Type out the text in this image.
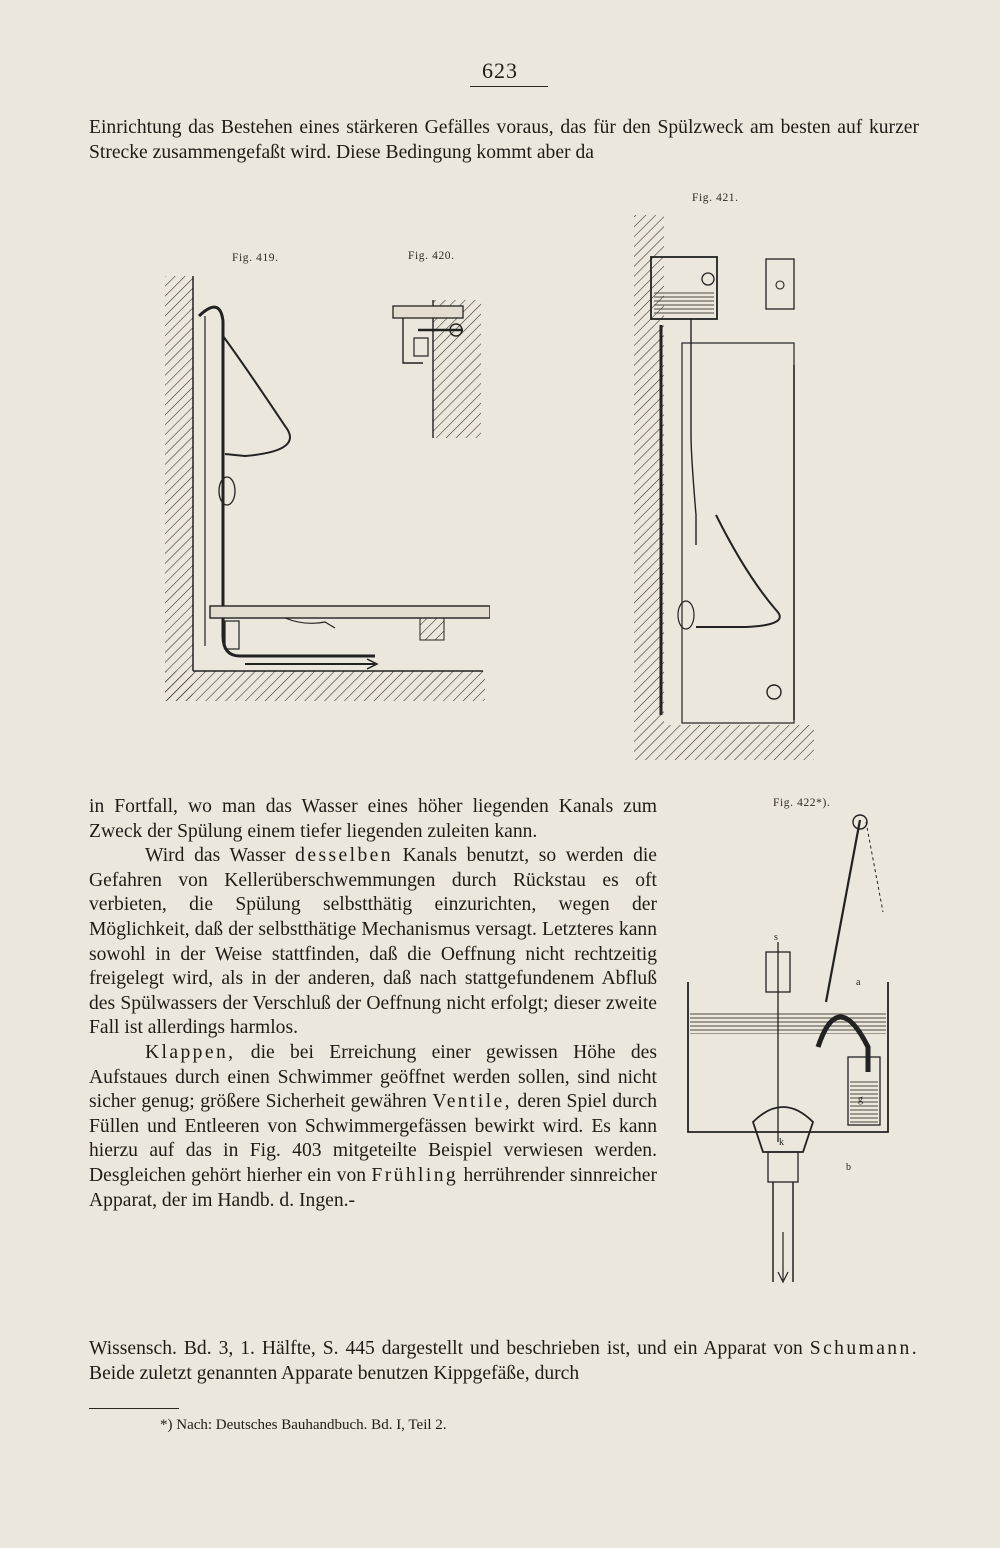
623

Einrichtung das Bestehen eines stärkeren Gefälles voraus, das für den Spülzweck am besten auf kurzer Strecke zusammengefaßt wird. Diese Bedingung kommt aber da

Fig. 419.	Fig. 420.
Fig. 421.
Fig. 422*).
s
a
g
k
b
in Fortfall, wo man das Wasser eines höher liegenden Kanals zum Zweck der Spülung einem tiefer liegenden zuleiten kann.
Wird das Wasser desselben Kanals benutzt, so werden die Gefahren von Kellerüberschwemmungen durch Rückstau es oft verbieten, die Spülung selbstthätig einzurichten, wegen der Möglichkeit, daß der selbstthätige Mechanismus versagt. Letzteres kann sowohl in der Weise stattfinden, daß die Oeffnung nicht rechtzeitig freigelegt wird, als in der anderen, daß nach stattgefundenem Abfluß des Spülwassers der Verschluß der Oeffnung nicht erfolgt; dieser zweite Fall ist allerdings harmlos.
Klappen, die bei Erreichung einer gewissen Höhe des Aufstaues durch einen Schwimmer geöffnet werden sollen, sind nicht sicher genug; größere Sicherheit gewähren Ventile, deren Spiel durch Füllen und Entleeren von Schwimmergefässen bewirkt wird. Es kann hierzu auf das in Fig. 403 mitgeteilte Beispiel verwiesen werden. Desgleichen gehört hierher ein von Frühling herrührender sinnreicher Apparat, der im Handb. d. Ingen.-
Wissensch. Bd. 3, 1. Hälfte, S. 445 dargestellt und beschrieben ist, und ein Apparat von Schumann. Beide zuletzt genannten Apparate benutzen Kippgefäße, durch
*) Nach: Deutsches Bauhandbuch. Bd. I, Teil 2.
